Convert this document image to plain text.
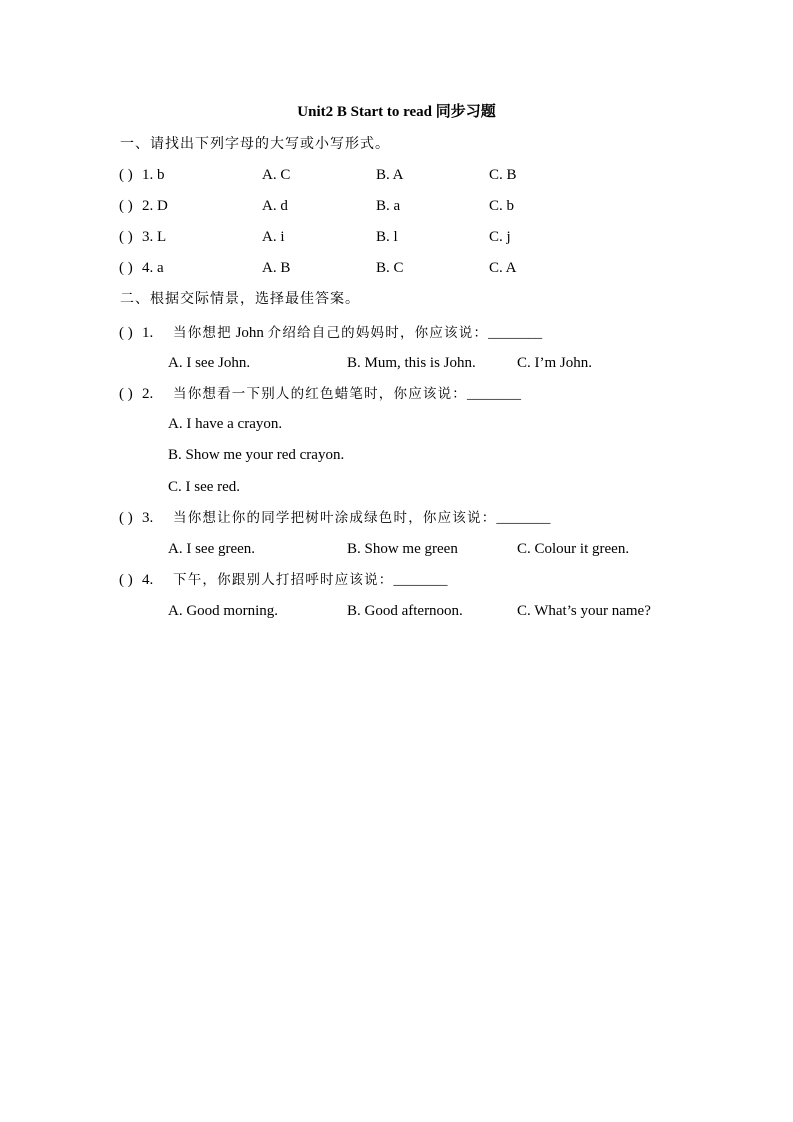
Unit2 B Start to read 同步习题
一、请找出下列字母的大写或小写形式。
( ) 1. b	A. C	B. A	C. B
( ) 2. D	A. d	B. a	C. b
( ) 3. L	A. i	B. l	C. j
( ) 4. a	A. B	B. C	C. A
二、根据交际情景，选择最佳答案。
( ) 1. 当你想把 John 介绍给自己的妈妈时，你应该说：________
A. I see John.	B. Mum, this is John.	C. I’m John.
( ) 2. 当你想看一下别人的红色蜡笔时，你应该说：________
A. I have a crayon.
B. Show me your red crayon.
C. I see red.
( ) 3. 当你想让你的同学把树叶涂成绿色时，你应该说：________
A. I see green.	B. Show me green	C. Colour it green.
( ) 4. 下午，你跟别人打招呼时应该说：________
A. Good morning.	B. Good afternoon.	C. What’s your name?
